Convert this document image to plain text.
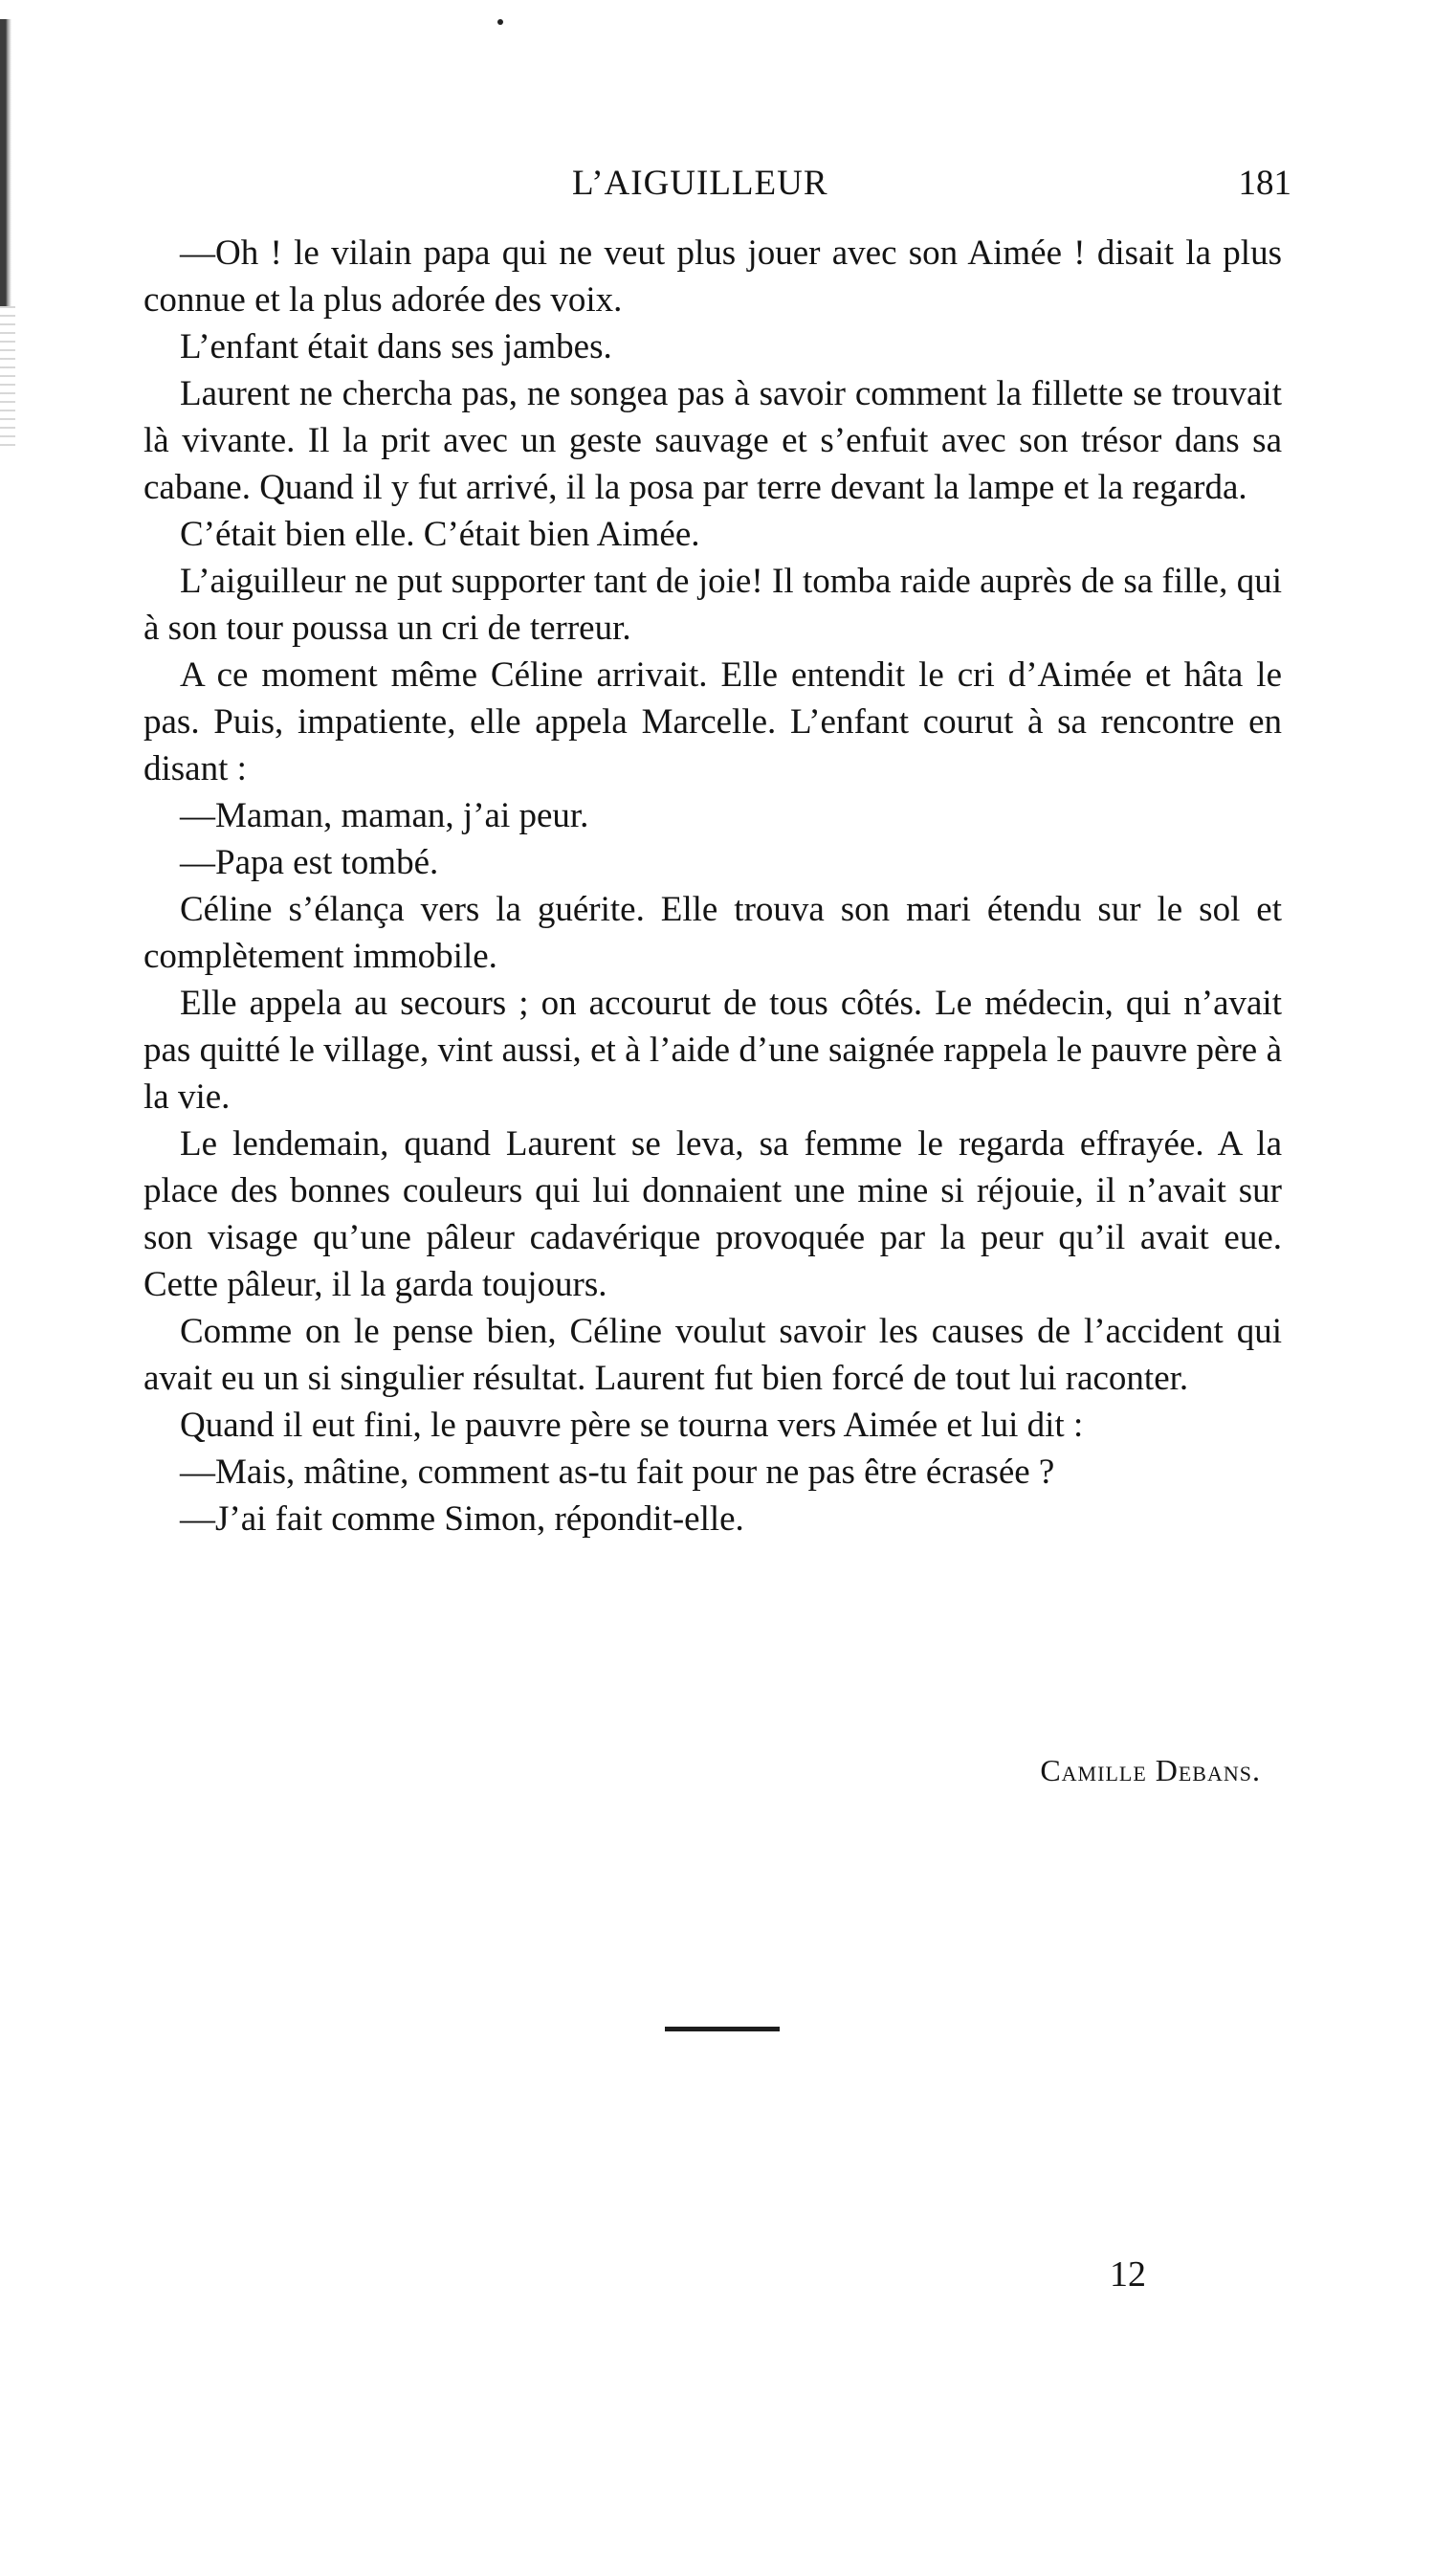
L’AIGUILLEUR	181

—Oh ! le vilain papa qui ne veut plus jouer avec son Aimée ! disait la plus connue et la plus adorée des voix.

L’enfant était dans ses jambes.

Laurent ne chercha pas, ne songea pas à savoir comment la fillette se trouvait là vivante. Il la prit avec un geste sauvage et s’enfuit avec son trésor dans sa cabane. Quand il y fut arrivé, il la posa par terre devant la lampe et la regarda.

C’était bien elle. C’était bien Aimée.

L’aiguilleur ne put supporter tant de joie! Il tomba raide auprès de sa fille, qui à son tour poussa un cri de terreur.

A ce moment même Céline arrivait. Elle entendit le cri d’Aimée et hâta le pas. Puis, impatiente, elle appela Marcelle. L’enfant courut à sa rencontre en disant :

—Maman, maman, j’ai peur.

—Papa est tombé.

Céline s’élança vers la guérite. Elle trouva son mari étendu sur le sol et complètement immobile.

Elle appela au secours ; on accourut de tous côtés. Le médecin, qui n’avait pas quitté le village, vint aussi, et à l’aide d’une saignée rappela le pauvre père à la vie.

Le lendemain, quand Laurent se leva, sa femme le regarda effrayée. A la place des bonnes couleurs qui lui donnaient une mine si réjouie, il n’avait sur son visage qu’une pâleur cadavérique provoquée par la peur qu’il avait eue. Cette pâleur, il la garda toujours.

Comme on le pense bien, Céline voulut savoir les causes de l’accident qui avait eu un si singulier résultat. Laurent fut bien forcé de tout lui raconter.

Quand il eut fini, le pauvre père se tourna vers Aimée et lui dit :

—Mais, mâtine, comment as-tu fait pour ne pas être écrasée ?

—J’ai fait comme Simon, répondit-elle.

Camille Debans.
12
